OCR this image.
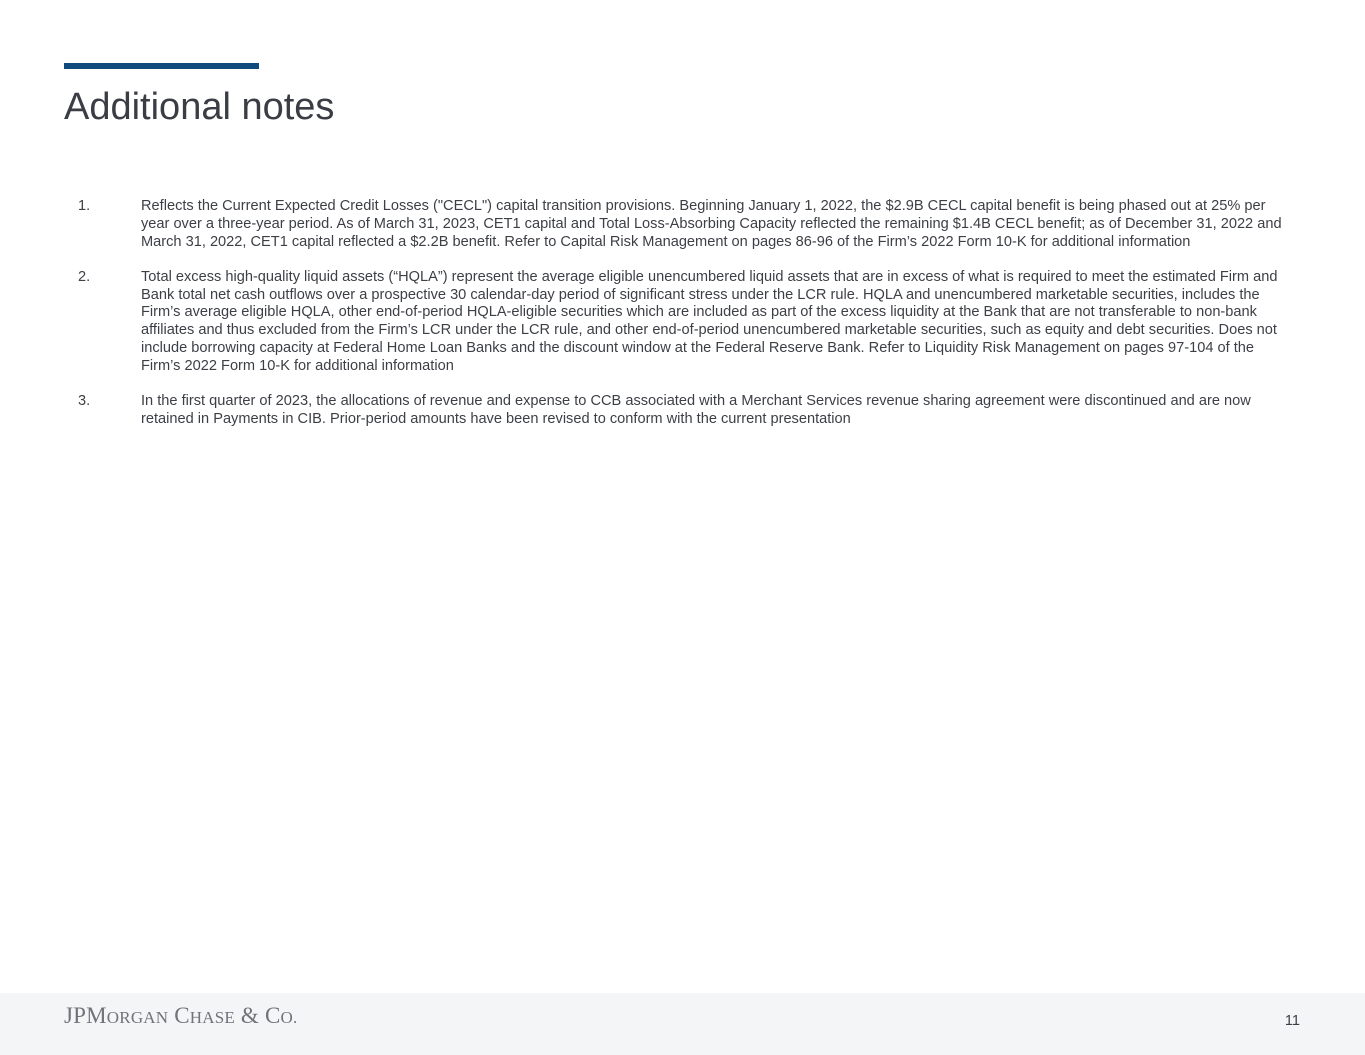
Additional notes
1.	Reflects the Current Expected Credit Losses ("CECL") capital transition provisions. Beginning January 1, 2022, the $2.9B CECL capital benefit is being phased out at 25% per year over a three-year period. As of March 31, 2023, CET1 capital and Total Loss-Absorbing Capacity reflected the remaining $1.4B CECL benefit; as of December 31, 2022 and March 31, 2022, CET1 capital reflected a $2.2B benefit. Refer to Capital Risk Management on pages 86-96 of the Firm’s 2022 Form 10-K for additional information
2.	Total excess high-quality liquid assets (“HQLA”) represent the average eligible unencumbered liquid assets that are in excess of what is required to meet the estimated Firm and Bank total net cash outflows over a prospective 30 calendar-day period of significant stress under the LCR rule. HQLA and unencumbered marketable securities, includes the Firm’s average eligible HQLA, other end-of-period HQLA-eligible securities which are included as part of the excess liquidity at the Bank that are not transferable to non-bank affiliates and thus excluded from the Firm’s LCR under the LCR rule, and other end-of-period unencumbered marketable securities, such as equity and debt securities. Does not include borrowing capacity at Federal Home Loan Banks and the discount window at the Federal Reserve Bank. Refer to Liquidity Risk Management on pages 97-104 of the Firm’s 2022 Form 10-K for additional information
3.	In the first quarter of 2023, the allocations of revenue and expense to CCB associated with a Merchant Services revenue sharing agreement were discontinued and are now retained in Payments in CIB. Prior-period amounts have been revised to conform with the current presentation
JPMORGAN CHASE & CO.	11
